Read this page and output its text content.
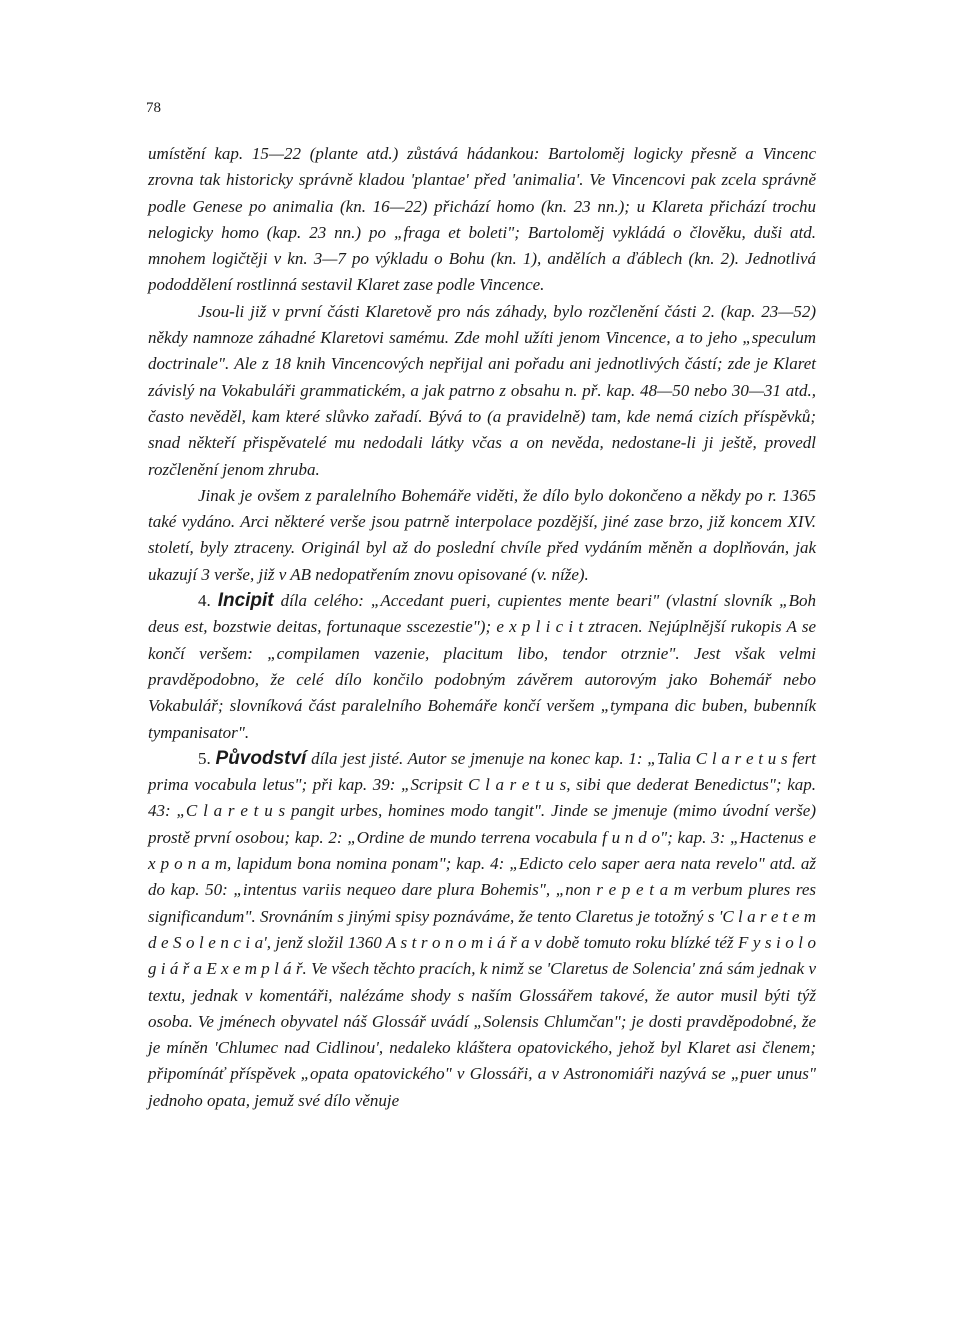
78

umístění kap. 15—22 (plante atd.) zůstává hádankou: Bartoloměj logicky přesně a Vincenc zrovna tak historicky správně kladou 'plantae' před 'animalia'. Ve Vincencovi pak zcela správně podle Genese po animalia (kn. 16—22) přichází homo (kn. 23 nn.); u Klareta přichází trochu nelogicky homo (kap. 23 nn.) po „fraga et boleti"; Bartoloměj vykládá o člověku, duši atd. mnohem logičtěji v kn. 3—7 po výkladu o Bohu (kn. 1), andělích a ďáblech (kn. 2). Jednotlivá pododdělení rostlinná sestavil Klaret zase podle Vincence.

Jsou-li již v první části Klaretově pro nás záhady, bylo rozčlenění části 2. (kap. 23—52) někdy namnoze záhadné Klaretovi samému. Zde mohl užíti jenom Vincence, a to jeho „speculum doctrinale". Ale z 18 knih Vincencových nepřijal ani pořadu ani jednotlivých částí; zde je Klaret závislý na Vokabuláři grammatickém, a jak patrno z obsahu n. př. kap. 48—50 nebo 30—31 atd., často nevěděl, kam které slůvko zařadí. Bývá to (a pravidelně) tam, kde nemá cizích příspěvků; snad někteří přispěvatelé mu nedodali látky včas a on nevěda, nedostane-li ji ještě, provedl rozčlenění jenom zhruba.

Jinak je ovšem z paralelního Bohemáře viděti, že dílo bylo dokončeno a někdy po r. 1365 také vydáno. Arci některé verše jsou patrně interpolace pozdější, jiné zase brzo, již koncem XIV. století, byly ztraceny. Originál byl až do poslední chvíle před vydáním měněn a doplňován, jak ukazují 3 verše, již v AB nedopatřením znovu opisované (v. níže).

4. Incipit díla celého: „Accedant pueri, cupientes mente beari" (vlastní slovník „Boh deus est, bozstwie deitas, fortunaque sscezestie"); e x p l i c i t ztracen. Nejúplnější rukopis A se končí veršem: „compilamen vazenie, placitum libo, tendor otrznie". Jest však velmi pravděpodobno, že celé dílo končilo podobným závěrem autorovým jako Bohemář nebo Vokabulář; slovníková část paralelního Bohemáře končí veršem „tympana dic buben, bubenník tympanisator".

5. Původství díla jest jisté. Autor se jmenuje na konec kap. 1: „Talia C l a r e t u s fert prima vocabula letus"; při kap. 39: „Scripsit C l a r e t u s, sibi que dederat Benedictus"; kap. 43: „C l a r e t u s pangit urbes, homines modo tangit". Jinde se jmenuje (mimo úvodní verše) prostě první osobou; kap. 2: „Ordine de mundo terrena vocabula f u n d o"; kap. 3: „Hactenus e x p o n a m, lapidum bona nomina ponam"; kap. 4: „Edicto celo saper aera nata revelo" atd. až do kap. 50: „intentus variis nequeo dare plura Bohemis", „non r e p e t a m verbum plures res significandum". Srovnáním s jinými spisy poznáváme, že tento Claretus je totožný s 'C l a r e t e m d e S o l e n c i a', jenž složil 1360 A s t r o n o m i á ř a v době tomuto roku blízké též F y s i o l o g i á ř a E x e m p l á ř. Ve všech těchto pracích, k nimž se 'Claretus de Solencia' zná sám jednak v textu, jednak v komentáři, nalézáme shody s naším Glossářem takové, že autor musil býti týž osoba. Ve jménech obyvatel náš Glossář uvádí „Solensis Chlumčan"; je dosti pravděpodobné, že je míněn 'Chlumec nad Cidlinou', nedaleko kláštera opatovického, jehož byl Klaret asi členem; připomínáť příspěvek „opata opatovického" v Glossáři, a v Astronomiáři nazývá se „puer unus" jednoho opata, jemuž své dílo věnuje
